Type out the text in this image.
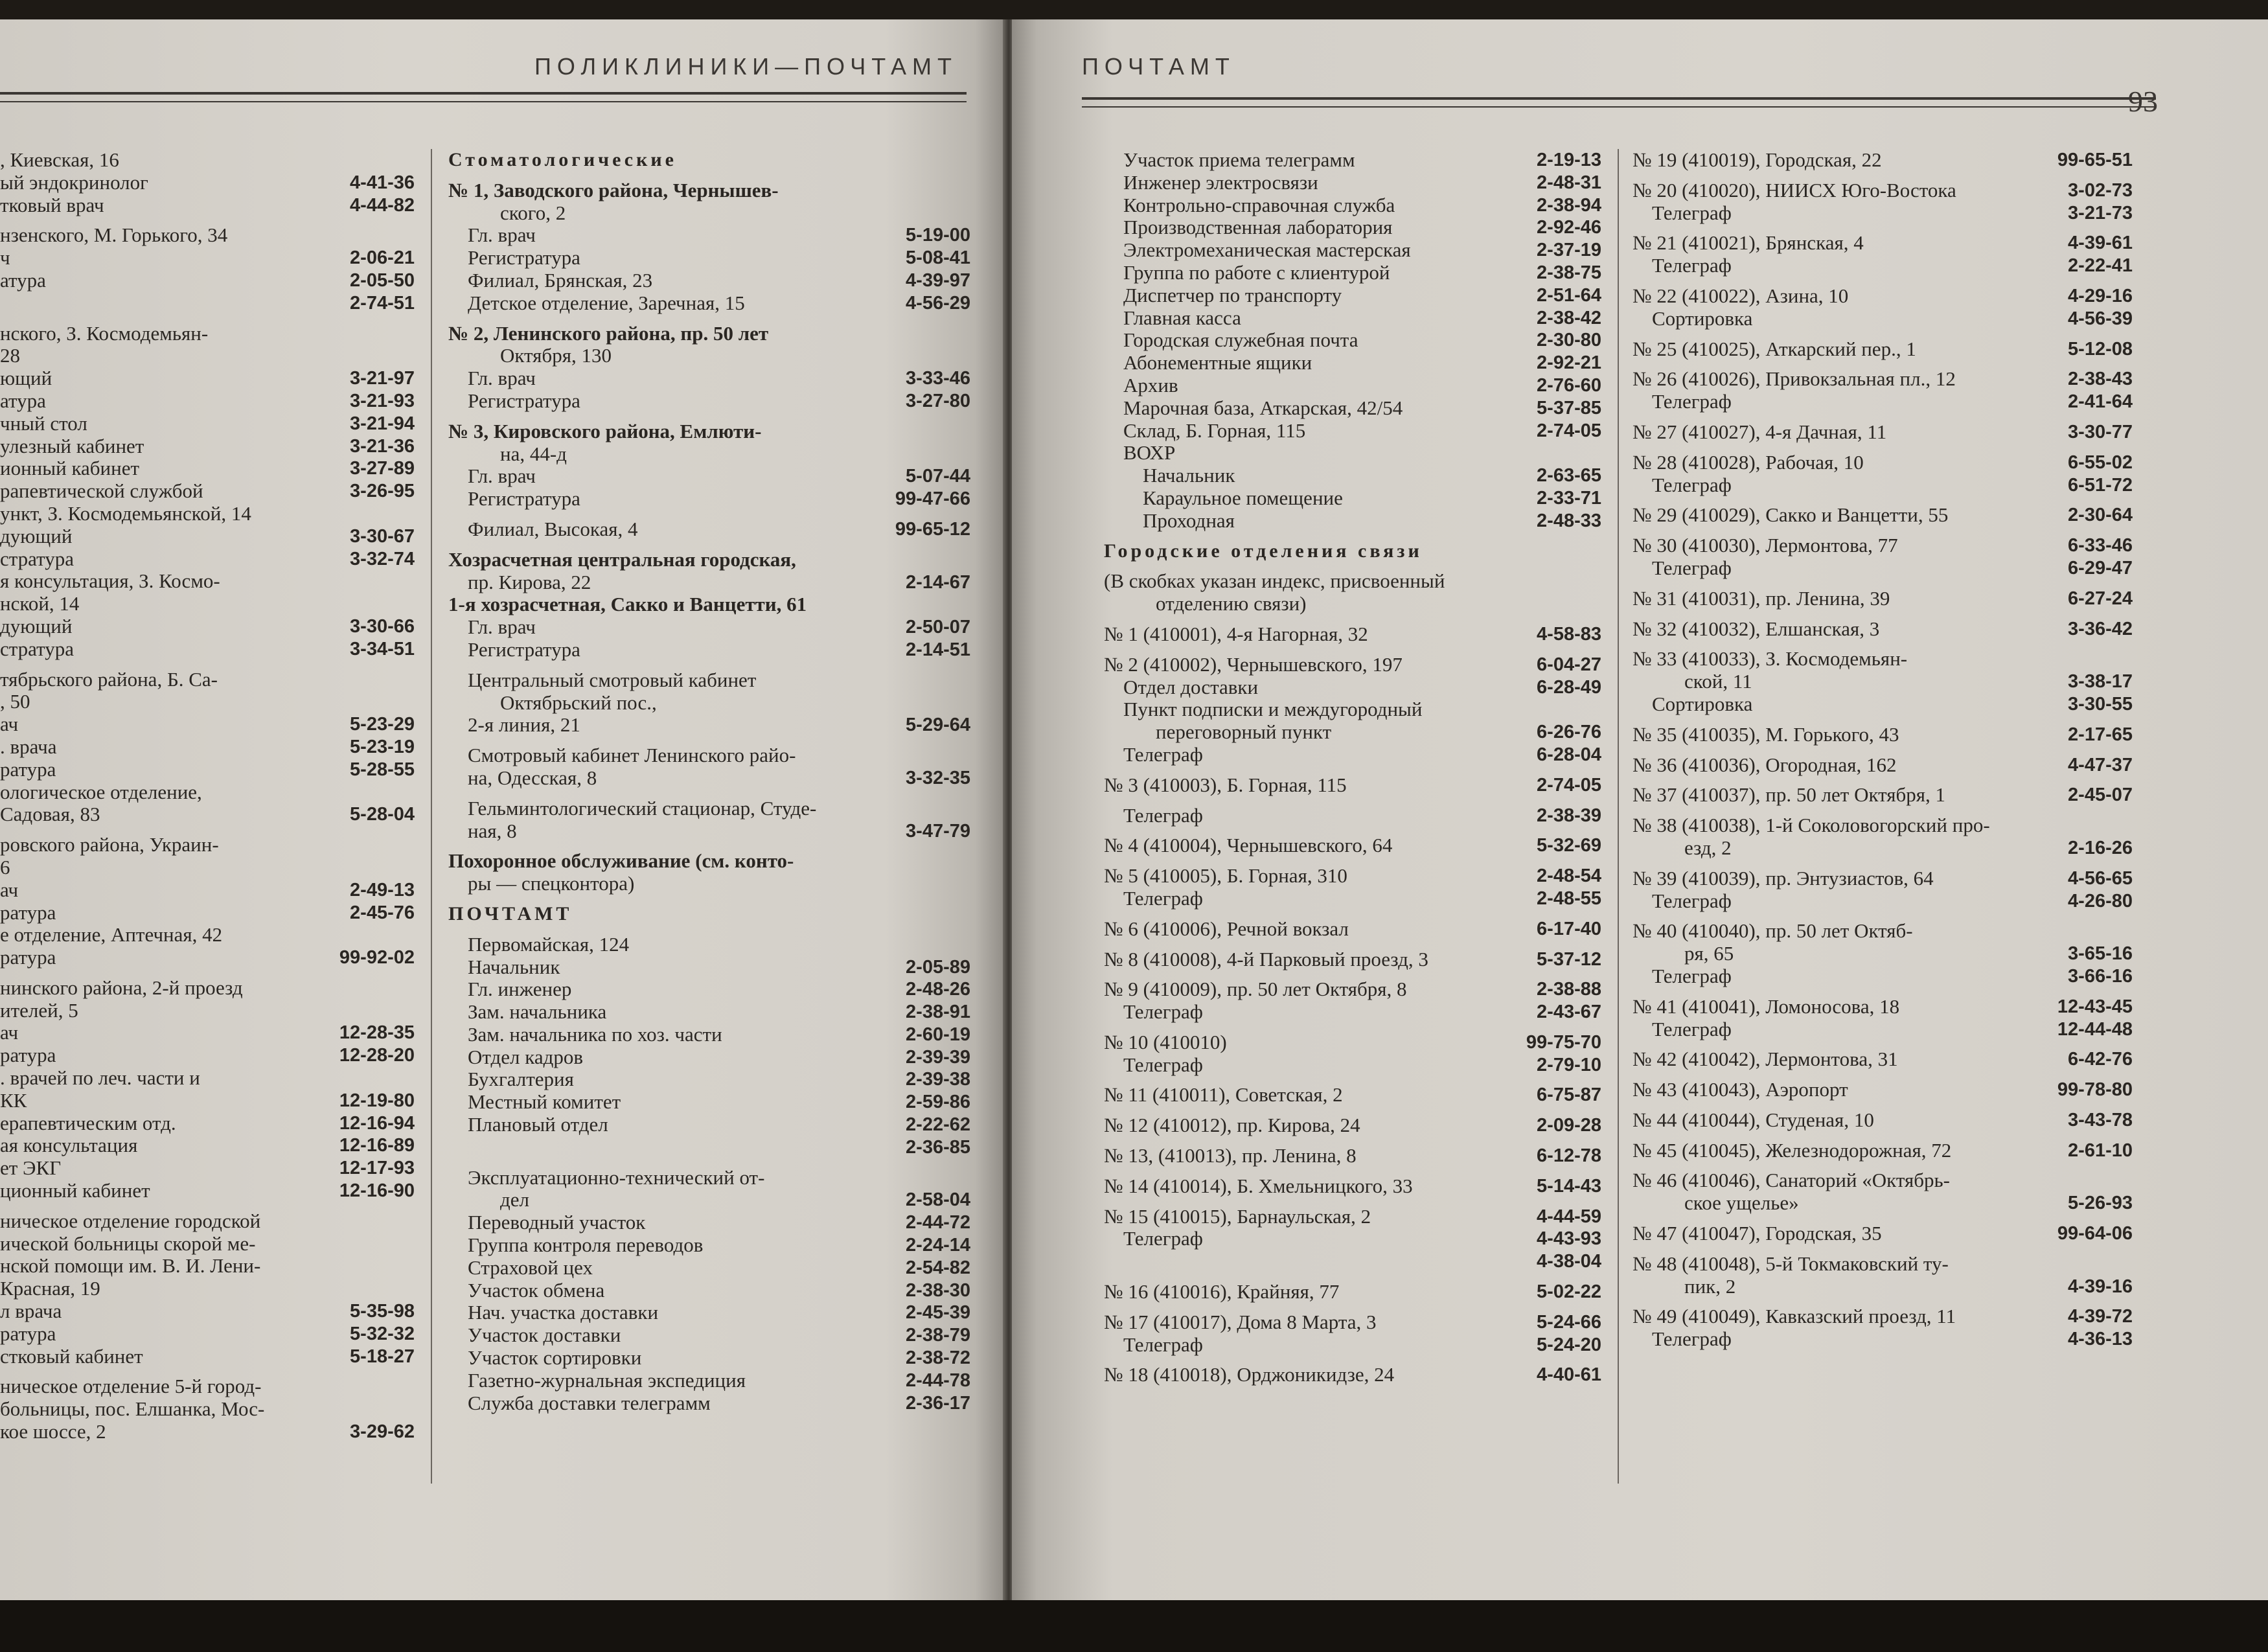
ПОЛИКЛИНИКИ—ПОЧТАМТ
, Киевская, 16
ый эндокринолог	4-41-36
тковый врач	4-44-82
нзенского, М. Горького, 34
ч	2-06-21
атура	2-05-50
2-74-51
нского, З. Космодемьян-
28
ющий	3-21-97
атура	3-21-93
чный стол	3-21-94
улезный кабинет	3-21-36
ионный кабинет	3-27-89
рапевтической службой	3-26-95
ункт, З. Космодемьянской, 14
дующий	3-30-67
стратура	3-32-74
я консультация, З. Космо-
нской, 14
дующий	3-30-66
стратура	3-34-51
тябрьского района, Б. Са-
, 50
ач	5-23-29
. врача	5-23-19
ратура	5-28-55
ологическое отделение,
Садовая, 83	5-28-04
ровского района, Украин-
6
ач	2-49-13
ратура	2-45-76
е отделение, Аптечная, 42
ратура	99-92-02
нинского района, 2-й проезд
ителей, 5
ач	12-28-35
ратура	12-28-20
. врачей по леч. части и
КК	12-19-80
ерапевтическим отд.	12-16-94
ая консультация	12-16-89
ет ЭКГ	12-17-93
ционный кабинет	12-16-90
ническое отделение городской
ической больницы скорой ме-
нской помощи им. В. И. Лени-
Красная, 19
л врача	5-35-98
ратура	5-32-32
стковый кабинет	5-18-27
ническое отделение 5-й город-
больницы, пос. Елшанка, Мос-
кое шоссе, 2	3-29-62
Стоматологические
№ 1, Заводского района, Чернышев-
ского, 2
Гл. врач	5-19-00
Регистратура	5-08-41
Филиал, Брянская, 23	4-39-97
Детское отделение, Заречная, 15	4-56-29
№ 2, Ленинского района, пр. 50 лет
Октября, 130
Гл. врач	3-33-46
Регистратура	3-27-80
№ 3, Кировского района, Емлюти-
на, 44-д
Гл. врач	5-07-44
Регистратура	99-47-66
Филиал, Высокая, 4	99-65-12
Хозрасчетная центральная городская,
пр. Кирова, 22	2-14-67
1-я хозрасчетная, Сакко и Ванцетти, 61
Гл. врач	2-50-07
Регистратура	2-14-51
Центральный смотровый кабинет
Октябрьский пос.,
2-я линия, 21	5-29-64
Смотровый кабинет Ленинского райо-
на, Одесская, 8	3-32-35
Гельминтологический стационар, Студе-
ная, 8	3-47-79
Похоронное обслуживание (см. конто-
ры — спецконтора)
ПОЧТАМТ
Первомайская, 124
Начальник	2-05-89
Гл. инженер	2-48-26
Зам. начальника	2-38-91
Зам. начальника по хоз. части	2-60-19
Отдел кадров	2-39-39
Бухгалтерия	2-39-38
Местный комитет	2-59-86
Плановый отдел	2-22-62
2-36-85
Эксплуатационно-технический от-
дел	2-58-04
Переводный участок	2-44-72
Группа контроля переводов	2-24-14
Страховой цех	2-54-82
Участок обмена	2-38-30
Нач. участка доставки	2-45-39
Участок доставки	2-38-79
Участок сортировки	2-38-72
Газетно-журнальная экспедиция	2-44-78
Служба доставки телеграмм	2-36-17
ПОЧТАМТ
93
Участок приема телеграмм	2-19-13
Инженер электросвязи	2-48-31
Контрольно-справочная служба	2-38-94
Производственная лаборатория	2-92-46
Электромеханическая мастерская	2-37-19
Группа по работе с клиентурой	2-38-75
Диспетчер по транспорту	2-51-64
Главная касса	2-38-42
Городская служебная почта	2-30-80
Абонементные ящики	2-92-21
Архив	2-76-60
Марочная база, Аткарская, 42/54	5-37-85
Склад, Б. Горная, 115	2-74-05
ВОХР
Начальник	2-63-65
Караульное помещение	2-33-71
Проходная	2-48-33
Городские отделения связи
(В скобках указан индекс, присвоенный
отделению связи)
№ 1 (410001), 4-я Нагорная, 32	4-58-83
№ 2 (410002), Чернышевского, 197	6-04-27
Отдел доставки	6-28-49
Пункт подписки и междугородный
переговорный пункт	6-26-76
Телеграф	6-28-04
№ 3 (410003), Б. Горная, 115	2-74-05
Телеграф	2-38-39
№ 4 (410004), Чернышевского, 64	5-32-69
№ 5 (410005), Б. Горная, 310	2-48-54
Телеграф	2-48-55
№ 6 (410006), Речной вокзал	6-17-40
№ 8 (410008), 4-й Парковый проезд, 3	5-37-12
№ 9 (410009), пр. 50 лет Октября, 8	2-38-88
Телеграф	2-43-67
№ 10 (410010)	99-75-70
Телеграф	2-79-10
№ 11 (410011), Советская, 2	6-75-87
№ 12 (410012), пр. Кирова, 24	2-09-28
№ 13, (410013), пр. Ленина, 8	6-12-78
№ 14 (410014), Б. Хмельницкого, 33	5-14-43
№ 15 (410015), Барнаульская, 2	4-44-59
Телеграф	4-43-93
4-38-04
№ 16 (410016), Крайняя, 77	5-02-22
№ 17 (410017), Дома 8 Марта, 3	5-24-66
Телеграф	5-24-20
№ 18 (410018), Орджоникидзе, 24	4-40-61
№ 19 (410019), Городская, 22	99-65-51
№ 20 (410020), НИИСХ Юго-Востока	3-02-73
Телеграф	3-21-73
№ 21 (410021), Брянская, 4	4-39-61
Телеграф	2-22-41
№ 22 (410022), Азина, 10	4-29-16
Сортировка	4-56-39
№ 25 (410025), Аткарский пер., 1	5-12-08
№ 26 (410026), Привокзальная пл., 12	2-38-43
Телеграф	2-41-64
№ 27 (410027), 4-я Дачная, 11	3-30-77
№ 28 (410028), Рабочая, 10	6-55-02
Телеграф	6-51-72
№ 29 (410029), Сакко и Ванцетти, 55	2-30-64
№ 30 (410030), Лермонтова, 77	6-33-46
Телеграф	6-29-47
№ 31 (410031), пр. Ленина, 39	6-27-24
№ 32 (410032), Елшанская, 3	3-36-42
№ 33 (410033), З. Космодемьян-
ской, 11	3-38-17
Сортировка	3-30-55
№ 35 (410035), М. Горького, 43	2-17-65
№ 36 (410036), Огородная, 162	4-47-37
№ 37 (410037), пр. 50 лет Октября, 1	2-45-07
№ 38 (410038), 1-й Соколовогорский про-
езд, 2	2-16-26
№ 39 (410039), пр. Энтузиастов, 64	4-56-65
Телеграф	4-26-80
№ 40 (410040), пр. 50 лет Октяб-
ря, 65	3-65-16
Телеграф	3-66-16
№ 41 (410041), Ломоносова, 18	12-43-45
Телеграф	12-44-48
№ 42 (410042), Лермонтова, 31	6-42-76
№ 43 (410043), Аэропорт	99-78-80
№ 44 (410044), Студеная, 10	3-43-78
№ 45 (410045), Железнодорожная, 72	2-61-10
№ 46 (410046), Санаторий «Октябрь-
ское ущелье»	5-26-93
№ 47 (410047), Городская, 35	99-64-06
№ 48 (410048), 5-й Токмаковский ту-
пик, 2	4-39-16
№ 49 (410049), Кавказский проезд, 11	4-39-72
Телеграф	4-36-13
